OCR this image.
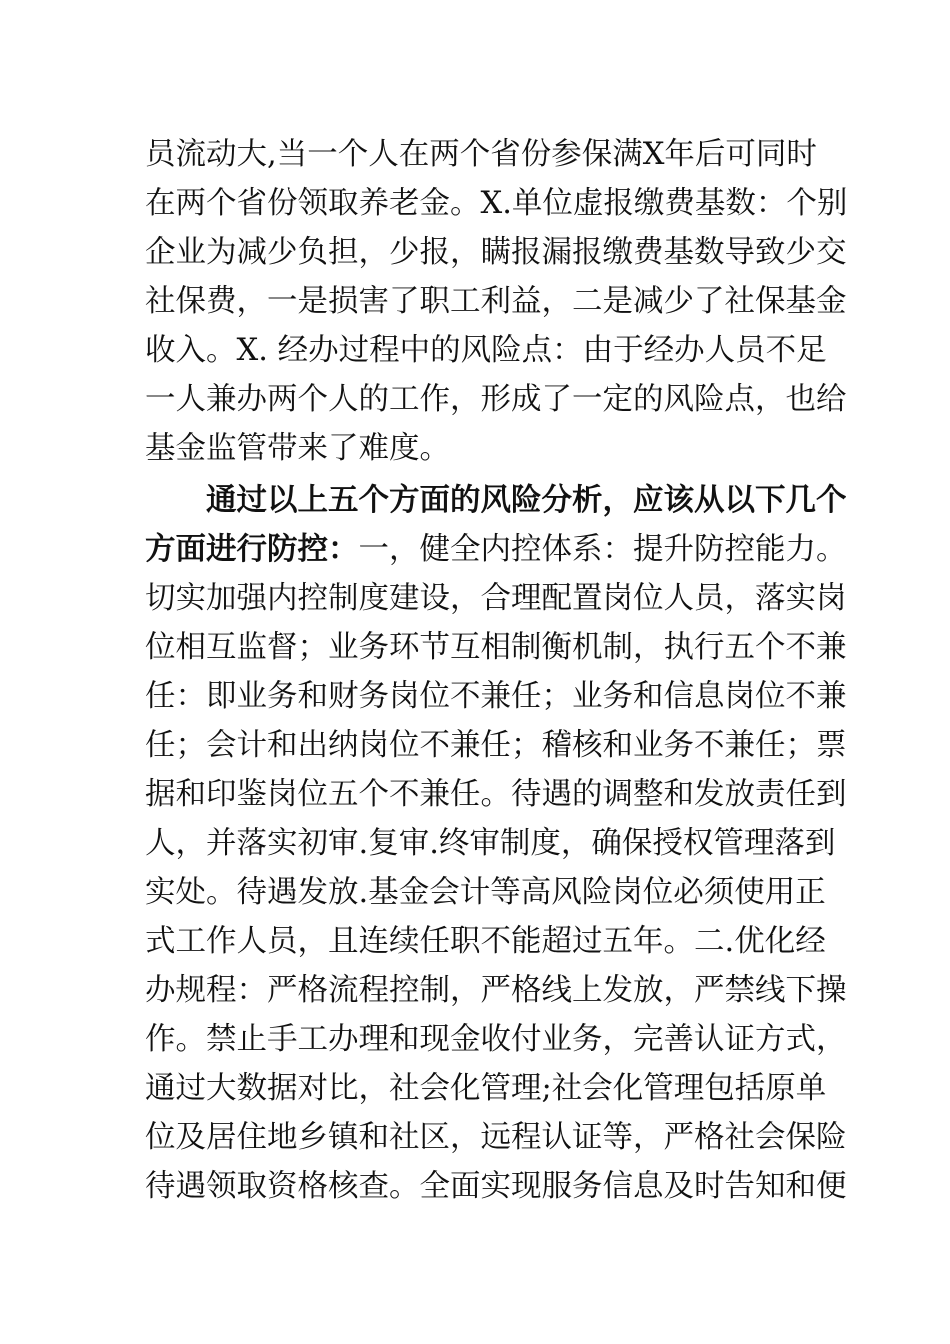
员流动大,当一个人在两个省份参保满X年后可同时
在两个省份领取养老金。X.单位虚报缴费基数：个别
企业为减少负担，少报，瞒报漏报缴费基数导致少交
社保费，一是损害了职工利益，二是减少了社保基金
收入。X. 经办过程中的风险点：由于经办人员不足
一人兼办两个人的工作，形成了一定的风险点，也给
基金监管带来了难度。
通过以上五个方面的风险分析，应该从以下几个
方面进行防控：一，健全内控体系：提升防控能力。
切实加强内控制度建设，合理配置岗位人员，落实岗
位相互监督；业务环节互相制衡机制，执行五个不兼
任：即业务和财务岗位不兼任；业务和信息岗位不兼
任；会计和出纳岗位不兼任；稽核和业务不兼任；票
据和印鉴岗位五个不兼任。待遇的调整和发放责任到
人，并落实初审.复审.终审制度，确保授权管理落到
实处。待遇发放.基金会计等高风险岗位必须使用正
式工作人员，且连续任职不能超过五年。二.优化经
办规程：严格流程控制，严格线上发放，严禁线下操
作。禁止手工办理和现金收付业务，完善认证方式，
通过大数据对比，社会化管理;社会化管理包括原单
位及居住地乡镇和社区，远程认证等，严格社会保险
待遇领取资格核查。全面实现服务信息及时告知和便
